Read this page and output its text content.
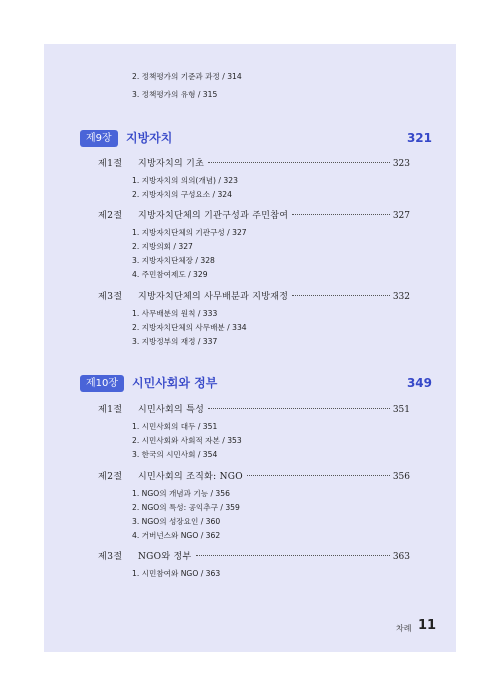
2. 정책평가의 기준과 과정 / 314
3. 정책평가의 유형 / 315
제9장	지방자치	321
제1절	지방자치의 기초	323
1. 지방자치의 의의(개념) / 323
2. 지방자치의 구성요소 / 324
제2절	지방자치단체의 기관구성과 주민참여	327
1. 지방자치단체의 기관구성 / 327
2. 지방의회 / 327
3. 지방자치단체장 / 328
4. 주민참여제도 / 329
제3절	지방자치단체의 사무배분과 지방재정	332
1. 사무배분의 원칙 / 333
2. 지방자치단체의 사무배분 / 334
3. 지방정부의 재정 / 337
제10장	시민사회와 정부	349
제1절	시민사회의 특성	351
1. 시민사회의 대두 / 351
2. 시민사회와 사회적 자본 / 353
3. 한국의 시민사회 / 354
제2절	시민사회의 조직화: NGO	356
1. NGO의 개념과 기능 / 356
2. NGO의 특성: 공익추구 / 359
3. NGO의 성장요인 / 360
4. 거버넌스와 NGO / 362
제3절	NGO와 정부	363
1. 시민참여와 NGO / 363
차례 11
